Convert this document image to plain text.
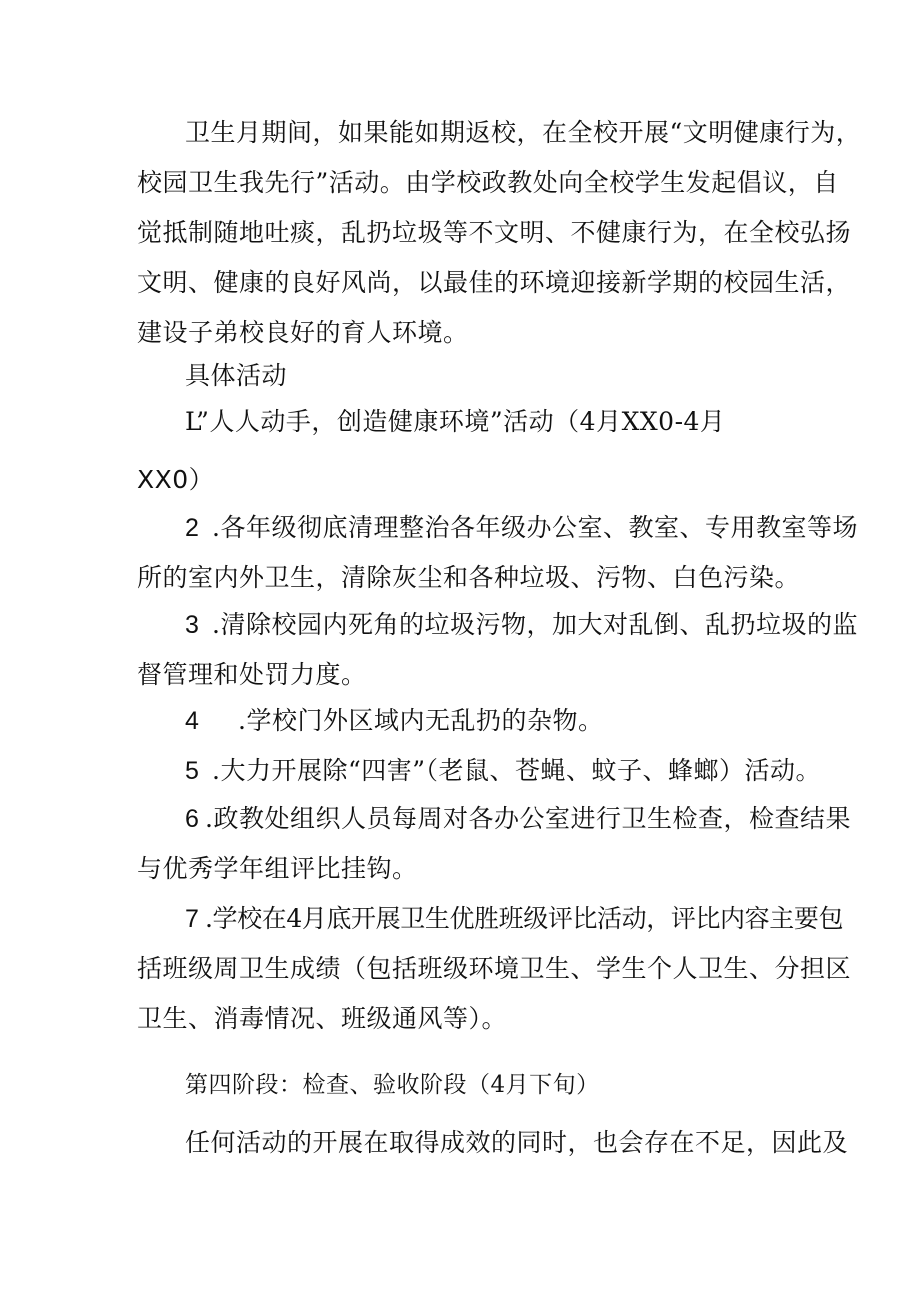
卫生月期间，如果能如期返校，在全校开展“文明健康行为，
校园卫生我先行”活动。由学校政教处向全校学生发起倡议，自
觉抵制随地吐痰，乱扔垃圾等不文明、不健康行为，在全校弘扬
文明、健康的良好风尚，以最佳的环境迎接新学期的校园生活，
建设子弟校良好的育人环境。
具体活动
L”人人动手，创造健康环境”活动（4月XX0-4月
XX0）
2 .各年级彻底清理整治各年级办公室、教室、专用教室等场
所的室内外卫生，清除灰尘和各种垃圾、污物、白色污染。
3 .清除校园内死角的垃圾污物，加大对乱倒、乱扔垃圾的监
督管理和处罚力度。
4 .学校门外区域内无乱扔的杂物。
5 .大力开展除“四害”（老鼠、苍蝇、蚊子、蜂螂）活动。
6 .政教处组织人员每周对各办公室进行卫生检查，检查结果
与优秀学年组评比挂钩。
7 .学校在4月底开展卫生优胜班级评比活动，评比内容主要包
括班级周卫生成绩（包括班级环境卫生、学生个人卫生、分担区
卫生、消毒情况、班级通风等）。
第四阶段：检查、验收阶段（4月下旬）
任何活动的开展在取得成效的同时，也会存在不足，因此及
